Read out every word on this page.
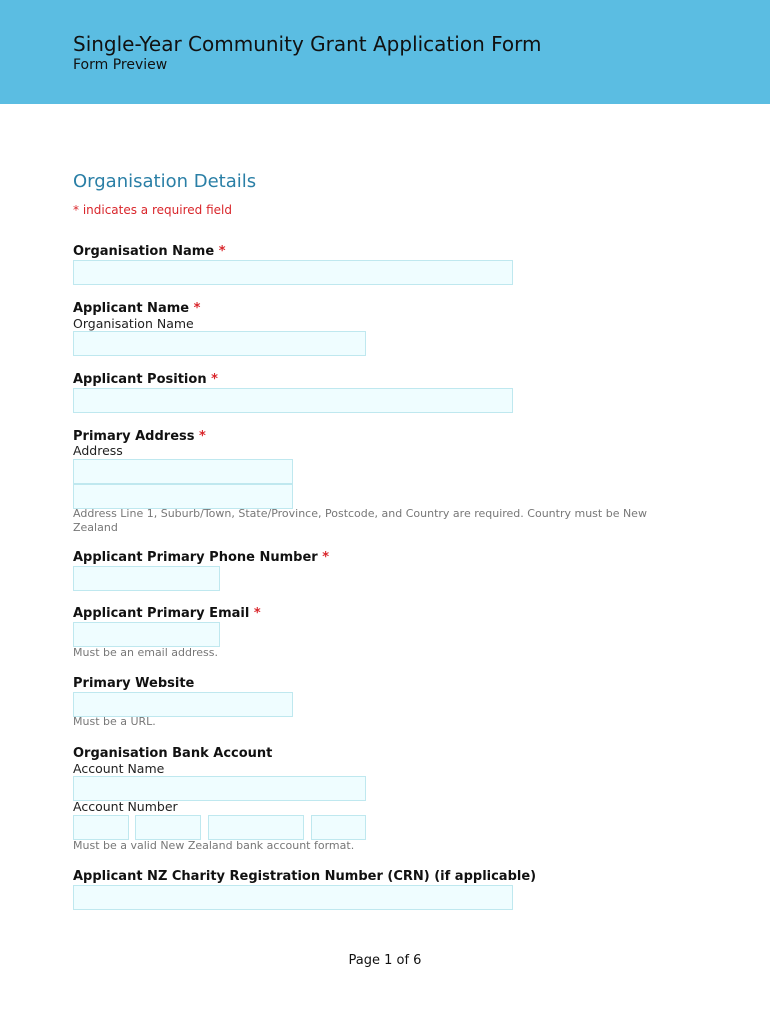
Single-Year Community Grant Application Form
Form Preview
Organisation Details
* indicates a required field
Organisation Name *
Applicant Name *
Organisation Name
Applicant Position *
Primary Address *
Address
Address Line 1, Suburb/Town, State/Province, Postcode, and Country are required. Country must be New Zealand
Applicant Primary Phone Number *
Applicant Primary Email *
Must be an email address.
Primary Website
Must be a URL.
Organisation Bank Account
Account Name
Account Number
Must be a valid New Zealand bank account format.
Applicant NZ Charity Registration Number (CRN) (if applicable)
Page 1 of 6
